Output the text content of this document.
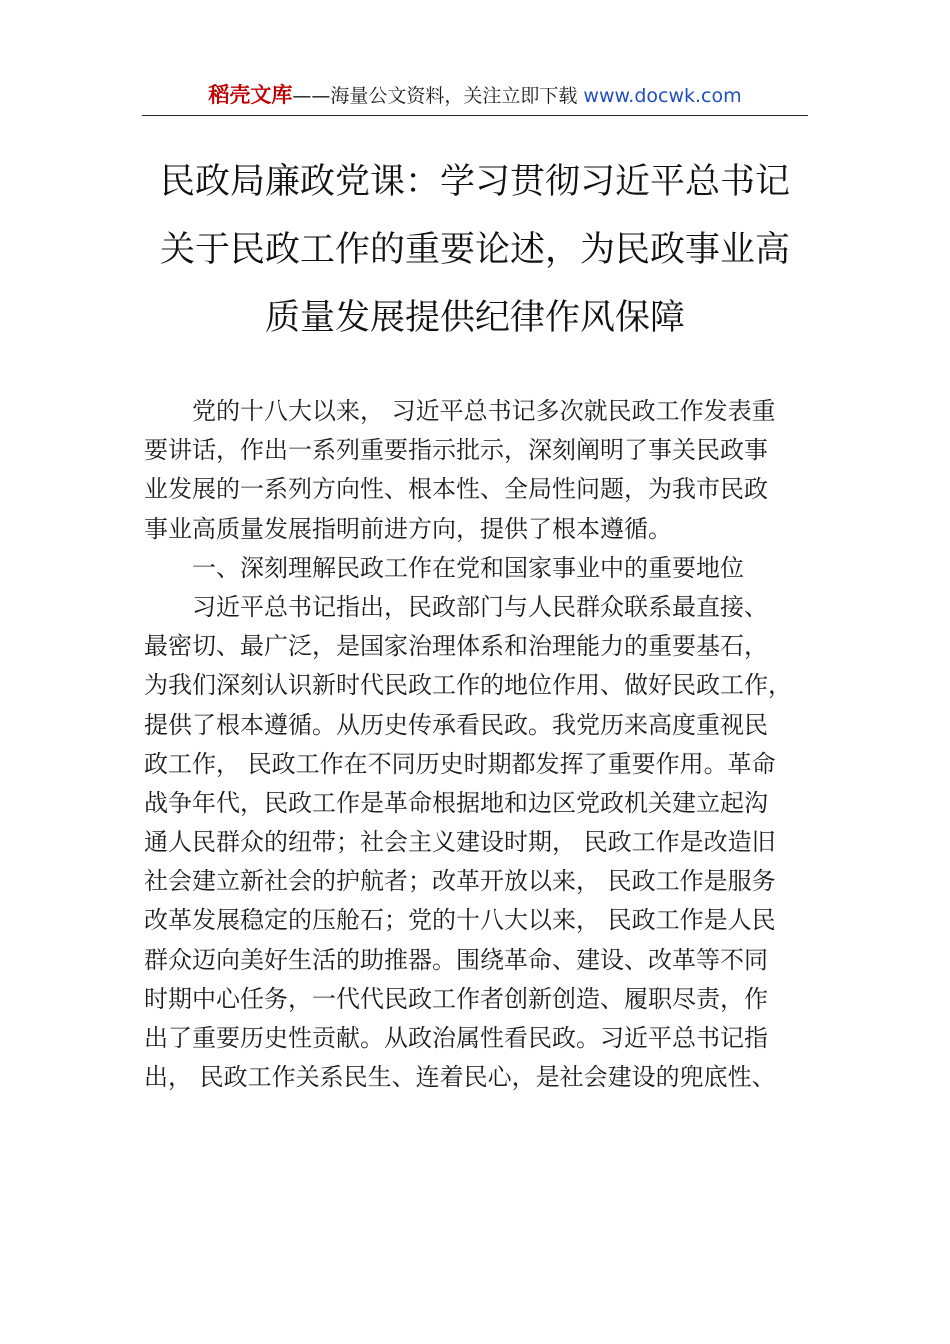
稻壳文库——海量公文资料，关注立即下载 www.docwk.com
民政局廉政党课：学习贯彻习近平总书记
关于民政工作的重要论述，为民政事业高
质量发展提供纪律作风保障
　　党的十八大以来， 习近平总书记多次就民政工作发表重
要讲话，作出一系列重要指示批示，深刻阐明了事关民政事
业发展的一系列方向性、根本性、全局性问题，为我市民政
事业高质量发展指明前进方向，提供了根本遵循。
　　一、深刻理解民政工作在党和国家事业中的重要地位
　　习近平总书记指出，民政部门与人民群众联系最直接、
最密切、最广泛，是国家治理体系和治理能力的重要基石，
为我们深刻认识新时代民政工作的地位作用、做好民政工作，
提供了根本遵循。从历史传承看民政。我党历来高度重视民
政工作， 民政工作在不同历史时期都发挥了重要作用。革命
战争年代，民政工作是革命根据地和边区党政机关建立起沟
通人民群众的纽带；社会主义建设时期， 民政工作是改造旧
社会建立新社会的护航者；改革开放以来， 民政工作是服务
改革发展稳定的压舱石；党的十八大以来， 民政工作是人民
群众迈向美好生活的助推器。围绕革命、建设、改革等不同
时期中心任务，一代代民政工作者创新创造、履职尽责，作
出了重要历史性贡献。从政治属性看民政。习近平总书记指
出， 民政工作关系民生、连着民心，是社会建设的兜底性、
